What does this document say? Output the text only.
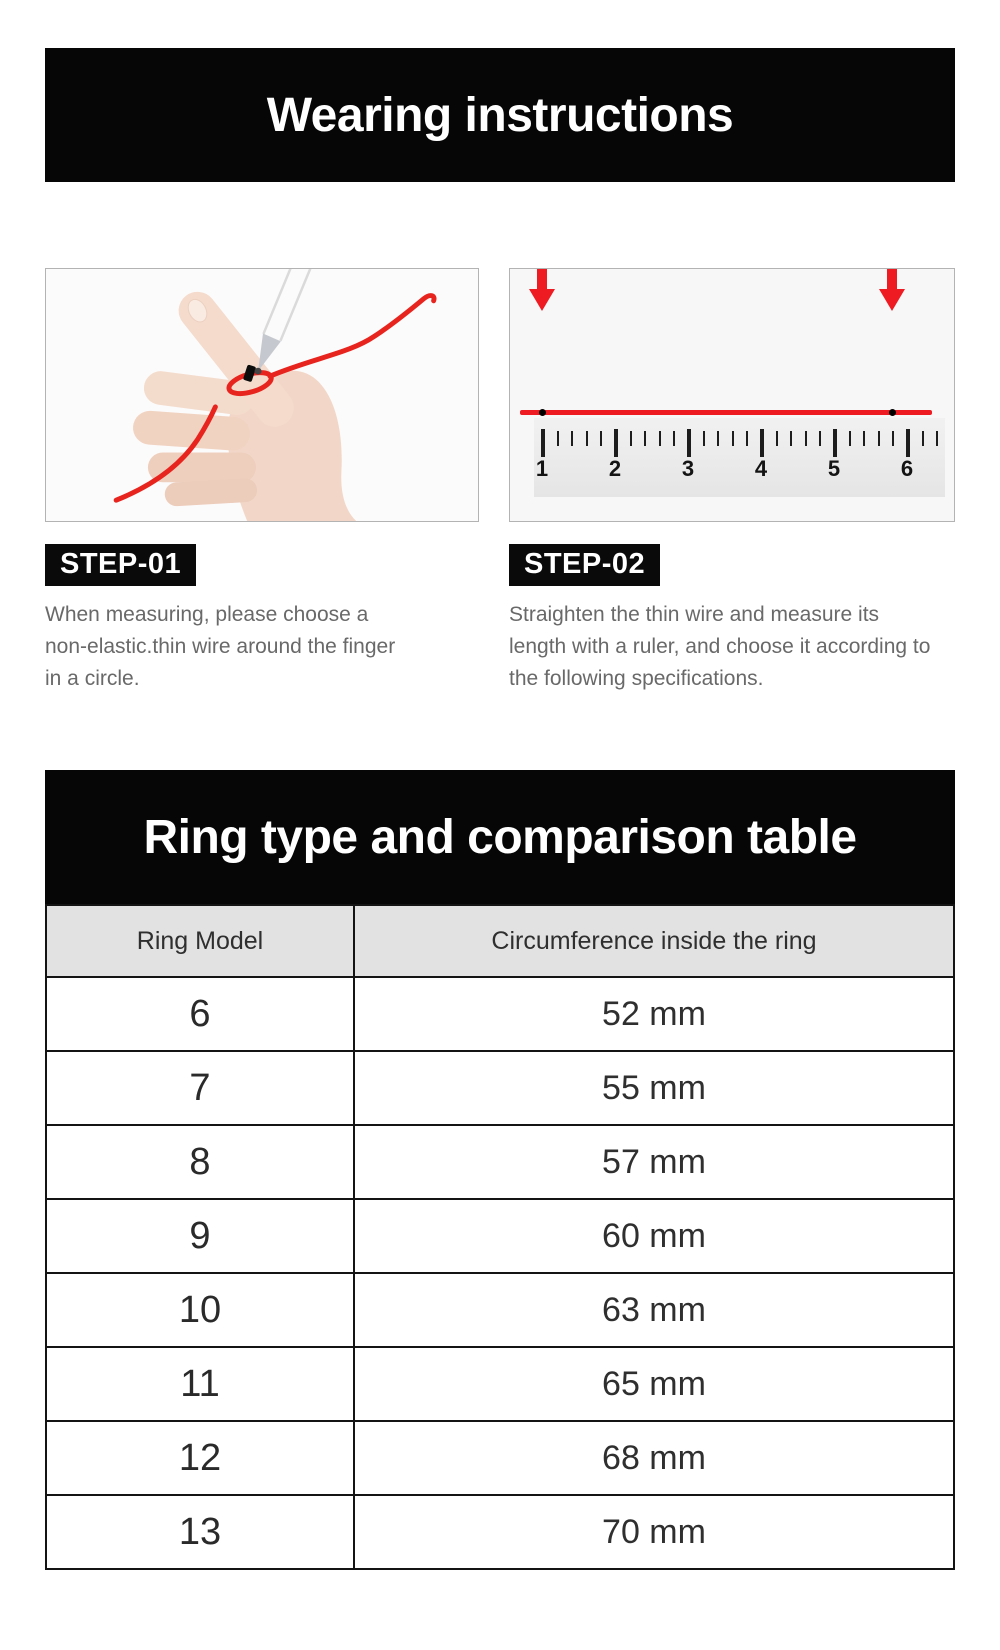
Wearing instructions
STEP-01

When measuring, please choose a non-elastic.thin wire around the finger in a circle.

1	2	3	4	5	6
STEP-02

Straighten the thin wire and measure its length with a ruler, and choose it according to the following specifications.

Ring type and comparison table
Ring Model	Circumference inside the ring
6	52 mm
7	55 mm
8	57 mm
9	60 mm
10	63 mm
11	65 mm
12	68 mm
13	70 mm
